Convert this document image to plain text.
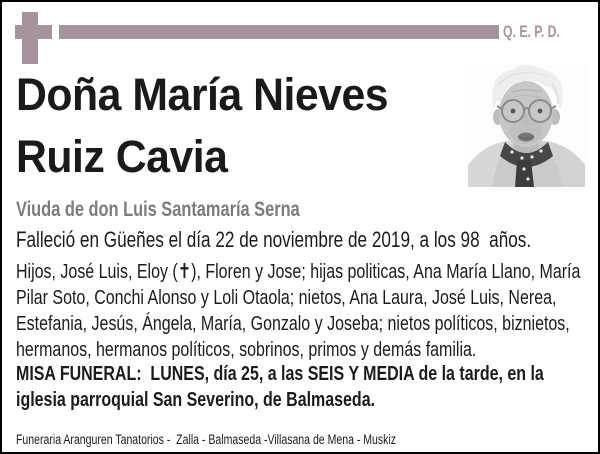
Q. E. P. D.
Doña María Nieves
Ruiz Cavia

Viuda de don Luis Santamaría Serna

Falleció en Güeñes el día 22 de noviembre de 2019, a los 98  años.

Hijos, José Luis, Eloy (✝), Floren y Jose; hijas politicas, Ana María Llano, María Pilar Soto, Conchi Alonso y Loli Otaola; nietos, Ana Laura, José Luis, Nerea, Estefania, Jesús, Ángela, María, Gonzalo y Joseba; nietos políticos, biznietos, hermanos, hermanos políticos, sobrinos, primos y demás familia.

MISA FUNERAL:  LUNES, día 25, a las SEIS Y MEDIA de la tarde, en la iglesia parroquial San Severino, de Balmaseda.

Funeraria Aranguren Tanatorios -  Zalla - Balmaseda -Villasana de Mena - Muskiz
